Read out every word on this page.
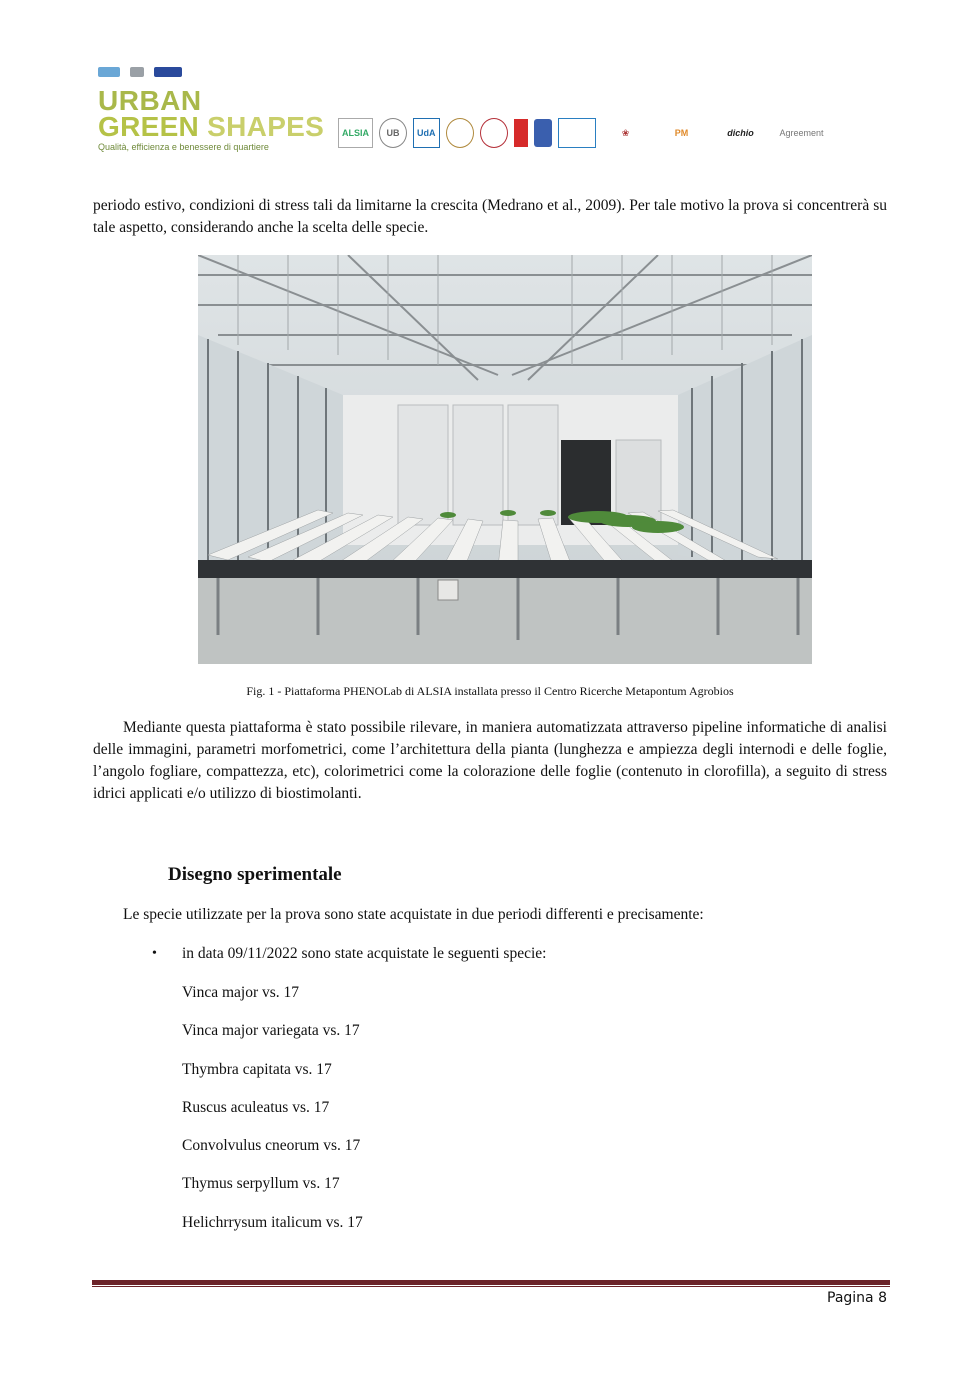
URBAN
GREEN SHAPES
Qualità, efficienza e benessere di quartiere
ALSIA	UB	UdA	❀	PM	dichio	Agreement
periodo estivo, condizioni di stress tali da limitarne la crescita (Medrano et al., 2009). Per tale motivo la prova si concentrerà su tale aspetto, considerando anche la scelta delle specie.
Fig. 1 - Piattaforma PHENOLab di ALSIA installata presso il Centro Ricerche Metapontum Agrobios
Mediante questa piattaforma è stato possibile rilevare, in maniera automatizzata attraverso pipeline informatiche di analisi delle immagini, parametri morfometrici, come l’architettura della pianta (lunghezza e ampiezza degli internodi e delle foglie, l’angolo fogliare, compattezza, etc), colorimetrici come la colorazione delle foglie (contenuto in clorofilla), a seguito di stress idrici applicati e/o utilizzo di biostimolanti.
Disegno sperimentale
Le specie utilizzate per la prova sono state acquistate in due periodi differenti e precisamente:
• in data 09/11/2022 sono state acquistate le seguenti specie:
Vinca major vs. 17
Vinca major variegata vs. 17
Thymbra capitata vs. 17
Ruscus aculeatus vs. 17
Convolvulus cneorum vs. 17
Thymus serpyllum vs. 17
Helichrrysum italicum vs. 17
Pagina 8
